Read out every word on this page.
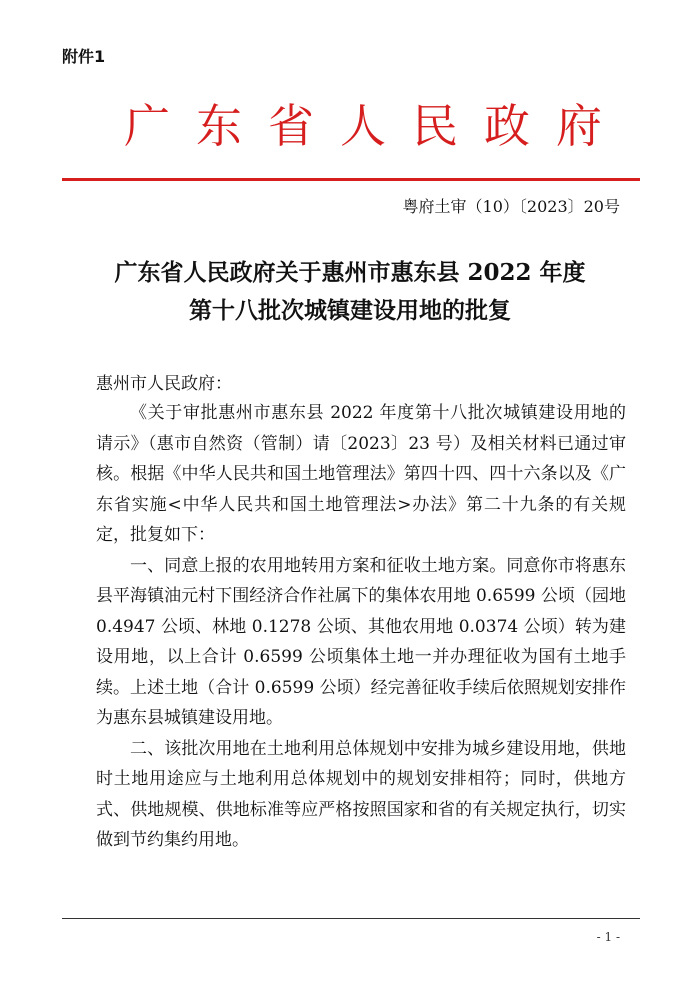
附件1
广东省人民政府
粤府土审（10）〔2023〕20号
广东省人民政府关于惠州市惠东县 2022 年度
第十八批次城镇建设用地的批复
惠州市人民政府：

《关于审批惠州市惠东县 2022 年度第十八批次城镇建设用地的请示》（惠市自然资（管制）请〔2023〕23 号）及相关材料已通过审核。根据《中华人民共和国土地管理法》第四十四、四十六条以及《广东省实施<中华人民共和国土地管理法>办法》第二十九条的有关规定，批复如下：

一、同意上报的农用地转用方案和征收土地方案。同意你市将惠东县平海镇油元村下围经济合作社属下的集体农用地 0.6599 公顷（园地 0.4947 公顷、林地 0.1278 公顷、其他农用地 0.0374 公顷）转为建设用地，以上合计 0.6599 公顷集体土地一并办理征收为国有土地手续。上述土地（合计 0.6599 公顷）经完善征收手续后依照规划安排作为惠东县城镇建设用地。

二、该批次用地在土地利用总体规划中安排为城乡建设用地，供地时土地用途应与土地利用总体规划中的规划安排相符；同时，供地方式、供地规模、供地标准等应严格按照国家和省的有关规定执行，切实做到节约集约用地。

- 1 -
